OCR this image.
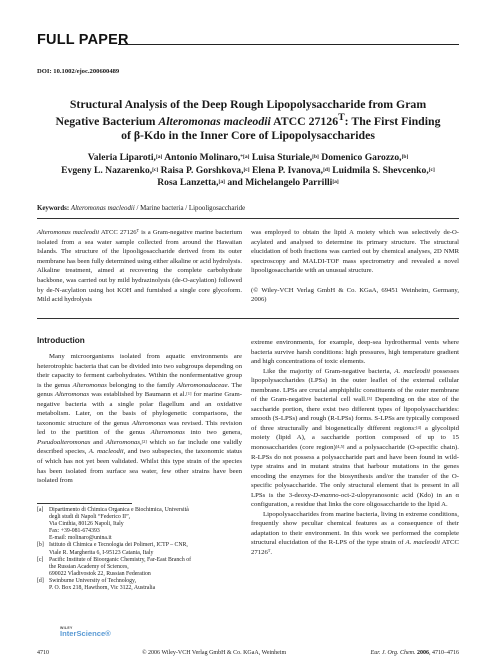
FULL PAPER
DOI: 10.1002/ejoc.200600489
Structural Analysis of the Deep Rough Lipopolysaccharide from Gram
Negative Bacterium Alteromonas macleodii ATCC $27126^T$: The First Finding
of β-Kdo in the Inner Core of Lipopolysaccharides
Valeria Liparoti,[a] Antonio Molinaro,$^{*[a]}$ Luisa Sturiale,[b] Domenico Garozzo,[b]
Evgeny L. Nazarenko,[c] Raisa P. Gorshkova,[c] Elena P. Ivanova,[d] Luidmila S. Shevcenko,[c]
Rosa Lanzetta,[a] and Michelangelo Parrilli[a]
Keywords: Alteromonas macleodii / Marine bacteria / Lipooligosaccharide
Alteromonas macleodii ATCC 27126ᵀ is a Gram-negative marine bacterium isolated from a sea water sample collected from around the Hawaiian Islands. The structure of the lipooligosaccharide derived from its outer membrane has been fully determined using either alkaline or acid hydrolysis. Alkaline treatment, aimed at recovering the complete carbohydrate backbone, was carried out by mild hydrazinolysis (de-O-acylation) followed by de-N-acylation using hot KOH and furnished a single core glycoform. Mild acid hydrolysis
was employed to obtain the lipid A moiety which was selectively de-O-acylated and analysed to determine its primary structure. The structural elucidation of both fractions was carried out by chemical analyses, 2D NMR spectroscopy and MALDI-TOF mass spectrometry and revealed a novel lipooligosaccharide with an unusual structure.

(© Wiley-VCH Verlag GmbH & Co. KGaA, 69451 Weinheim, Germany, 2006)
Introduction

Many microorganisms isolated from aquatic environments are heterotrophic bacteria that can be divided into two subgroups depending on their capacity to ferment carbohydrates. Within the nonfermentative group is the genus Alteromonas belonging to the family Alteromonadaceae. The genus Alteromonas was established by Baumann et al.[1] for marine Gram-negative bacteria with a single polar flagellum and an oxidative metabolism. Later, on the basis of phylogenetic comparisons, the taxonomic structure of the genus Alteromonas was revised. This revision led to the partition of the genus Alteromonas into two genera, Pseudoalteromonas and Alteromonas,[2] which so far include one validly described species, A. macleodii, and two subspecies, the taxonomic status of which has not yet been validated. Whilst this type strain of the species has been isolated from surface sea water, few other strains have been isolated from

extreme environments, for example, deep-sea hydrothermal vents where bacteria survive harsh conditions: high pressures, high temperature gradient and high concentrations of toxic elements.

Like the majority of Gram-negative bacteria, A. macleodii possesses lipopolysaccharides (LPSs) in the outer leaflet of the external cellular membrane. LPSs are crucial amphiphilic constituents of the outer membrane of the Gram-negative bacterial cell wall.[3] Depending on the size of the saccharide portion, there exist two different types of lipopolysaccharides: smooth (S-LPSs) and rough (R-LPSs) forms. S-LPSs are typically composed of three structurally and biogenetically different regions:[4] a glycolipid moiety (lipid A), a saccharide portion composed of up to 15 monosaccharides (core region)[4,5] and a polysaccharide (O-specific chain). R-LPSs do not possess a polysaccharide part and have been found in wild-type strains and in mutant strains that harbour mutations in the genes encoding the enzymes for the biosynthesis and/or the transfer of the O-specific polysaccharide. The only structural element that is present in all LPSs is the 3-deoxy-D-manno-oct-2-ulopyranosonic acid (Kdo) in an α configuration, a residue that links the core oligosaccharide to the lipid A.

Lipopolysaccharides from marine bacteria, living in extreme conditions, frequently show peculiar chemical features as a consequence of their adaptation to their environment. In this work we performed the complete structural elucidation of the R-LPS of the type strain of A. macleodii ATCC 27126ᵀ.

[a] Dipartimento di Chimica Organica e Biochimica, Università
degli studi di Napoli “Federico II”,
Via Cinthia, 80126 Napoli, Italy
Fax: +39-081-674393
E-mail: molinaro@unina.it
[b] Istituto di Chimica e Tecnologia dei Polimeri, ICTP – CNR,
Viale R. Margherita 6, I-95123 Catania, Italy
[c] Pacific Institute of Bioorganic Chemistry, Far-East Branch of
the Russian Academy of Sciences,
690022 Vladivostok 22, Russian Federation
[d] Swinburne University of Technology,
P. O. Box 218, Hawthorn, Vic 3122, Australia
WILEY
InterScience®
4710	© 2006 Wiley-VCH Verlag GmbH & Co. KGaA, Weinheim	Eur. J. Org. Chem. 2006, 4710–4716
